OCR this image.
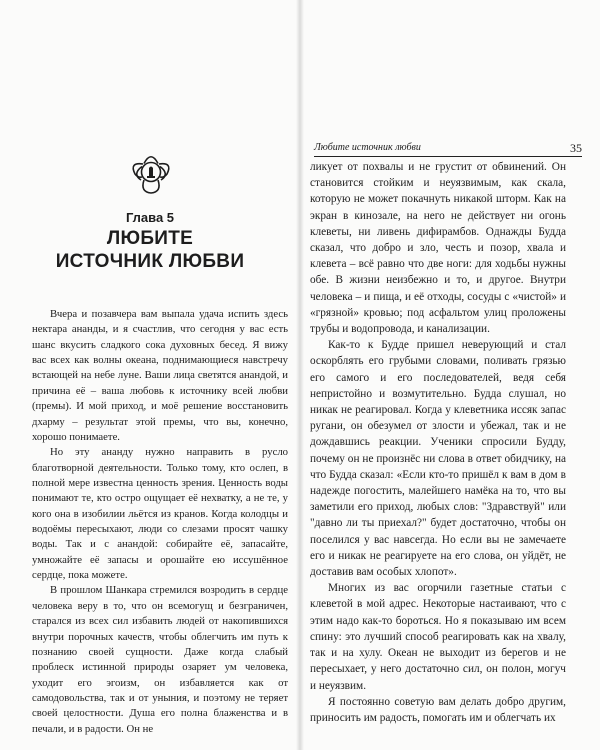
Глава 5
ЛЮБИТЕ
ИСТОЧНИК ЛЮБВИ

Вчера и позавчера вам выпала удача испить здесь нектара ананды, и я счастлив, что сегодня у вас есть шанс вкусить сладкого сока духовных бесед. Я вижу вас всех как волны океана, поднимающиеся навстречу встающей на небе луне. Ваши лица светятся анандой, и причина её – ваша любовь к источнику всей любви (премы). И мой приход, и моё решение восстановить дхарму – результат этой премы, что вы, конечно, хорошо понимаете.

Но эту ананду нужно направить в русло благотворной деятельности. Только тому, кто ослеп, в полной мере известна ценность зрения. Ценность воды понимают те, кто остро ощущает её нехватку, а не те, у кого она в изобилии льётся из кранов. Когда колодцы и водоёмы пересыхают, люди со слезами просят чашку воды. Так и с анандой: собирайте её, запасайте, умножайте её запасы и орошайте ею иссушённое сердце, пока можете.

В прошлом Шанкара стремился возродить в сердце человека веру в то, что он всемогущ и безграничен, старался из всех сил избавить людей от накопившихся внутри порочных качеств, чтобы облегчить им путь к познанию своей сущности. Даже когда слабый проблеск истинной природы озаряет ум человека, уходит его эгоизм, он избавляется как от самодовольства, так и от уныния, и поэтому не теряет своей целостности. Душа его полна блаженства и в печали, и в радости. Он не

Любите источник любви	35

ликует от похвалы и не грустит от обвинений. Он становится стойким и неуязвимым, как скала, которую не может покачнуть никакой шторм. Как на экран в кинозале, на него не действует ни огонь клеветы, ни ливень дифирамбов. Однажды Будда сказал, что добро и зло, честь и позор, хвала и клевета – всё равно что две ноги: для ходьбы нужны обе. В жизни неизбежно и то, и другое. Внутри человека – и пища, и её отходы, сосуды с «чистой» и «грязной» кровью; под асфальтом улиц проложены трубы и водопровода, и канализации.

Как-то к Будде пришел неверующий и стал оскорблять его грубыми словами, поливать грязью его самого и его последователей, ведя себя непристойно и возмутительно. Будда слушал, но никак не реагировал. Когда у клеветника иссяк запас ругани, он обезумел от злости и убежал, так и не дождавшись реакции. Ученики спросили Будду, почему он не произнёс ни слова в ответ обидчику, на что Будда сказал: «Если кто-то пришёл к вам в дом в надежде погостить, малейшего намёка на то, что вы заметили его приход, любых слов: "Здравствуй" или "давно ли ты приехал?" будет достаточно, чтобы он поселился у вас навсегда. Но если вы не замечаете его и никак не реагируете на его слова, он уйдёт, не доставив вам особых хлопот».

Многих из вас огорчили газетные статьи с клеветой в мой адрес. Некоторые настаивают, что с этим надо как-то бороться. Но я показываю им всем спину: это лучший способ реагировать как на хвалу, так и на хулу. Океан не выходит из берегов и не пересыхает, у него достаточно сил, он полон, могуч и неуязвим.

Я постоянно советую вам делать добро другим, приносить им радость, помогать им и облегчать их
